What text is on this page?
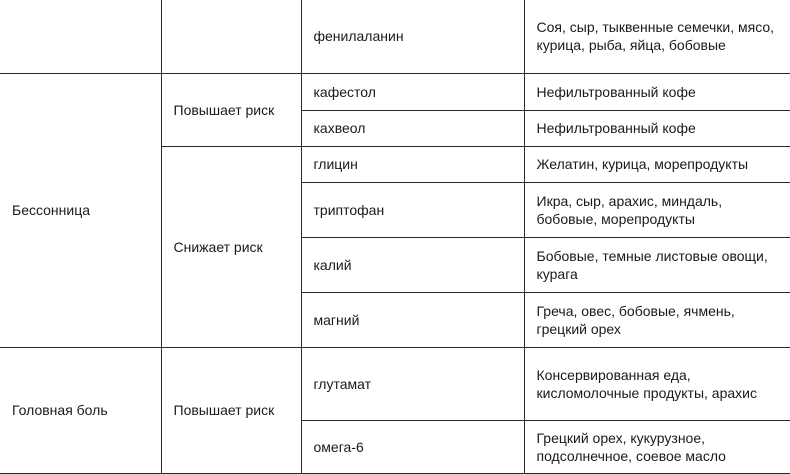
		фенилаланин	Соя, сыр, тыквенные семечки, мясо, курица, рыба, яйца, бобовые
Бессонница	Повышает риск	кафестол	Нефильтрованный кофе
		кахвеол	Нефильтрованный кофе
	Снижает риск	глицин	Желатин, курица, морепродукты
		триптофан	Икра, сыр, арахис, миндаль, бобовые, морепродукты
		калий	Бобовые, темные листовые овощи, курага
		магний	Греча, овес, бобовые, ячмень, грецкий орех
Головная боль	Повышает риск	глутамат	Консервированная еда, кисломолочные продукты, арахис
		омега-6	Грецкий орех, кукурузное, подсолнечное, соевое масло
